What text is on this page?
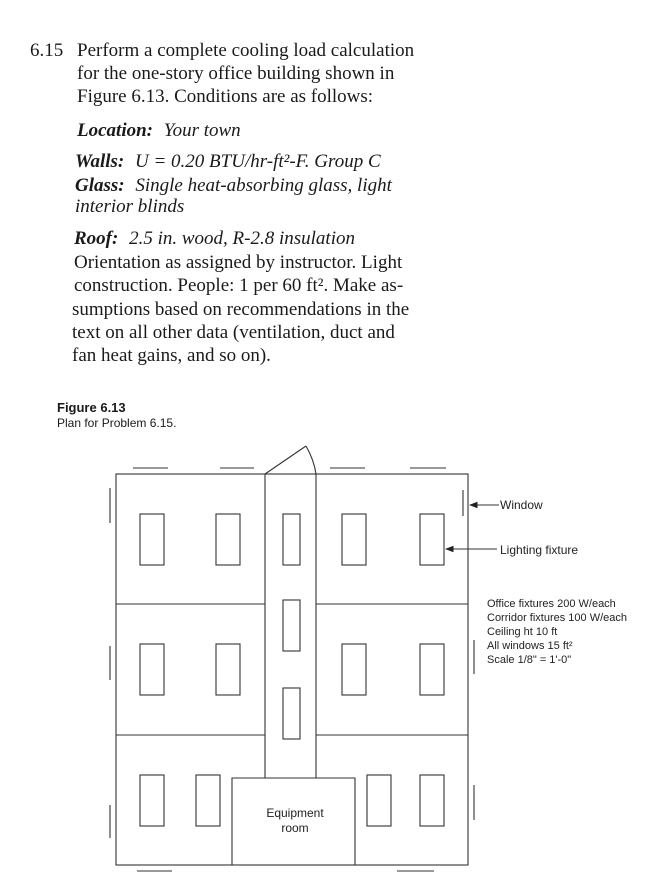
6.15 Perform a complete cooling load calculation
for the one-story office building shown in
Figure 6.13. Conditions are as follows:
Location: Your town
Walls: U = 0.20 BTU/hr-ft²-F. Group C
Glass: Single heat-absorbing glass, light
interior blinds
Roof: 2.5 in. wood, R-2.8 insulation
Orientation as assigned by instructor. Light
construction. People: 1 per 60 ft². Make as-
sumptions based on recommendations in the
text on all other data (ventilation, duct and
fan heat gains, and so on).
Figure 6.13
Plan for Problem 6.15.
Window
Lighting fixture
Equipment
room
Office fixtures 200 W/each
Corridor fixtures 100 W/each
Ceiling ht 10 ft
All windows 15 ft²
Scale 1/8" = 1'-0"
